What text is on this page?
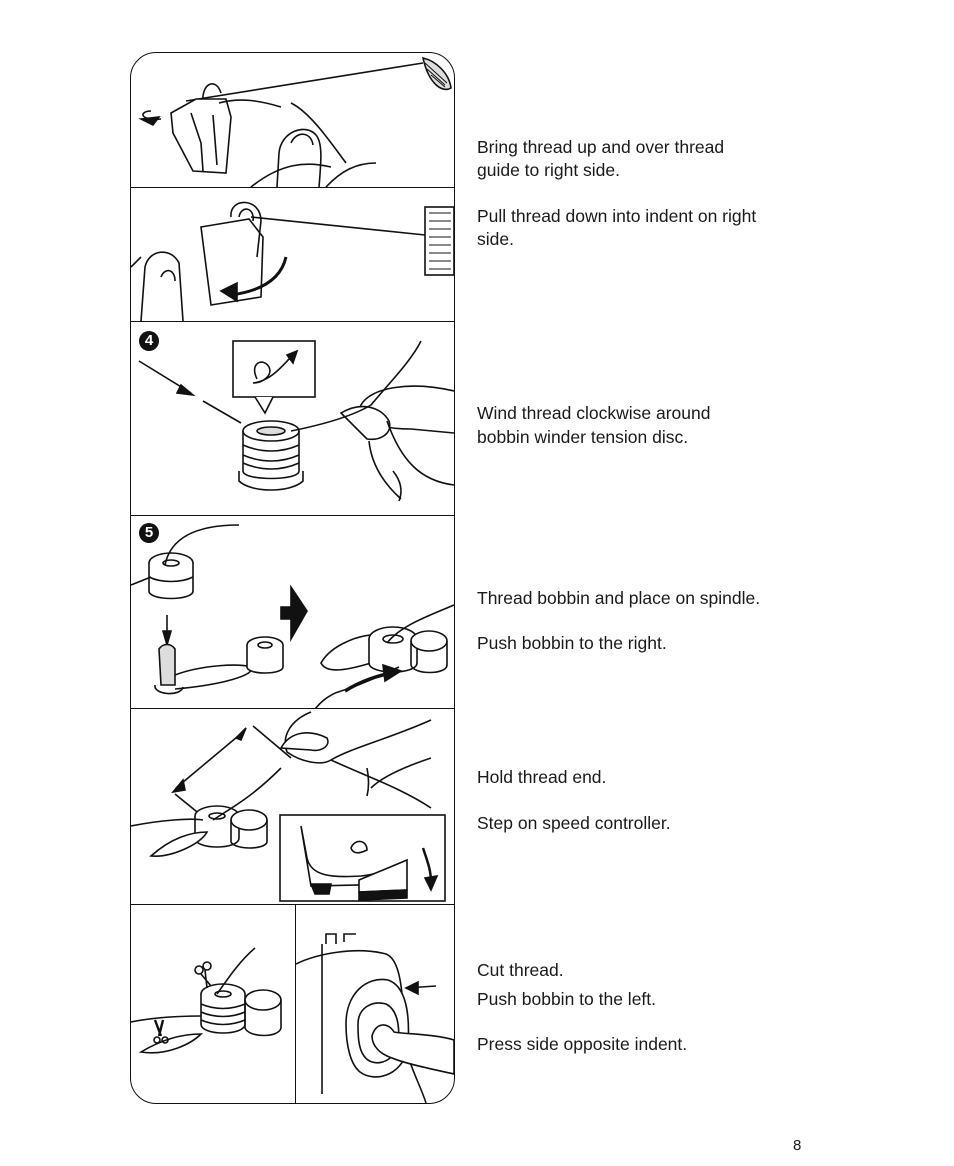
4
5

Bring thread up and over thread

guide to right side.

Pull thread down into indent on right

side.

Wind thread clockwise around

bobbin winder tension disc.

Thread bobbin and place on spindle.

Push bobbin to the right.

Hold thread end.

Step on speed controller.

Cut thread.

Push bobbin to the left.

Press side opposite indent.

8
